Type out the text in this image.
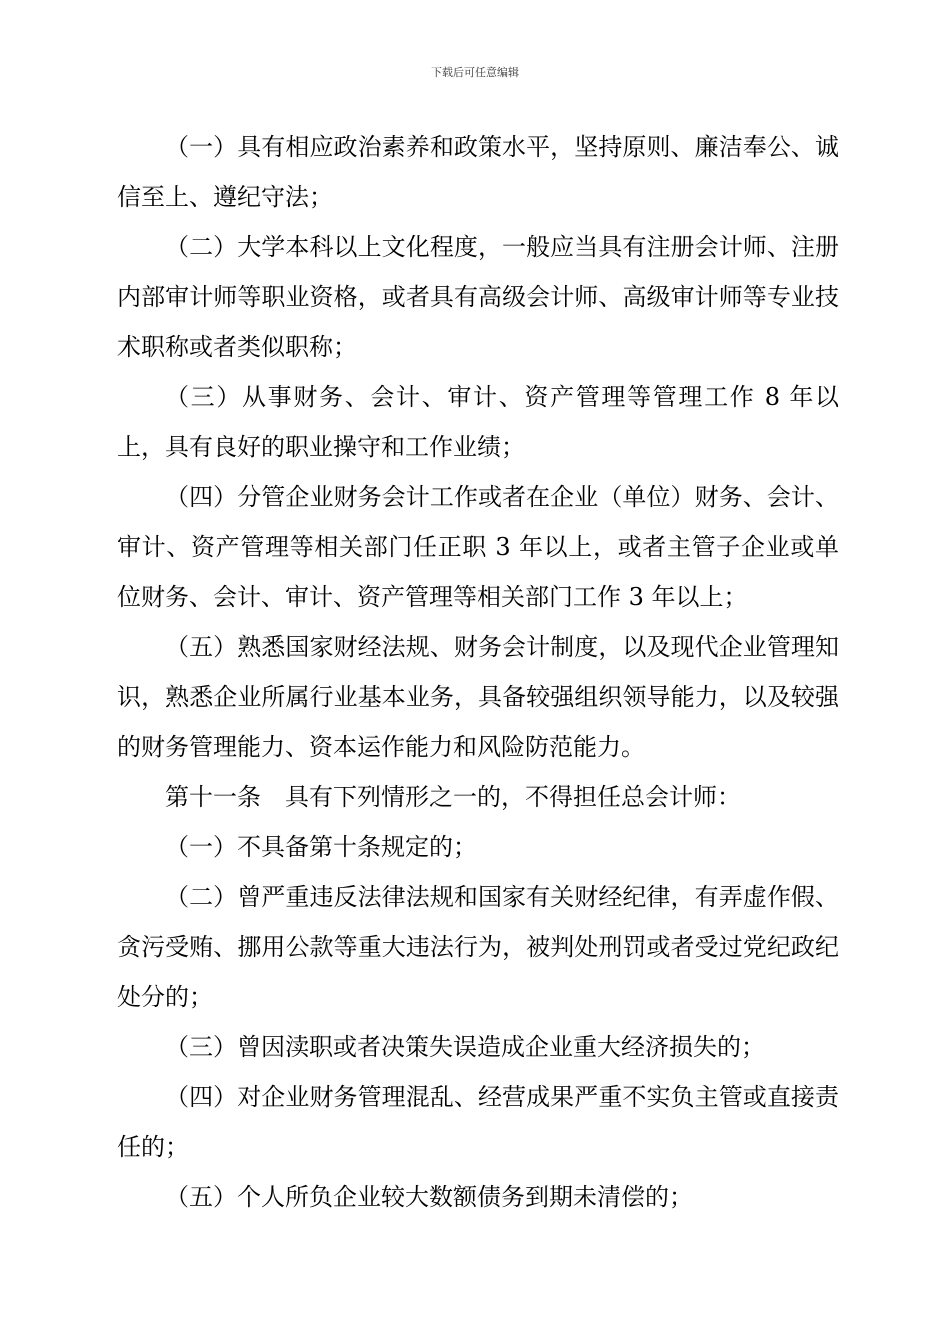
下载后可任意编辑

（一）具有相应政治素养和政策水平，坚持原则、廉洁奉公、诚信至上、遵纪守法；

（二）大学本科以上文化程度，一般应当具有注册会计师、注册内部审计师等职业资格，或者具有高级会计师、高级审计师等专业技术职称或者类似职称；

（三）从事财务、会计、审计、资产管理等管理工作 8 年以上，具有良好的职业操守和工作业绩；

（四）分管企业财务会计工作或者在企业（单位）财务、会计、审计、资产管理等相关部门任正职 3 年以上，或者主管子企业或单位财务、会计、审计、资产管理等相关部门工作 3 年以上；

（五）熟悉国家财经法规、财务会计制度，以及现代企业管理知识，熟悉企业所属行业基本业务，具备较强组织领导能力，以及较强的财务管理能力、资本运作能力和风险防范能力。

第十一条　具有下列情形之一的，不得担任总会计师：

（一）不具备第十条规定的；

（二）曾严重违反法律法规和国家有关财经纪律，有弄虚作假、贪污受贿、挪用公款等重大违法行为，被判处刑罚或者受过党纪政纪处分的；

（三）曾因渎职或者决策失误造成企业重大经济损失的；

（四）对企业财务管理混乱、经营成果严重不实负主管或直接责任的；

（五）个人所负企业较大数额债务到期未清偿的；
